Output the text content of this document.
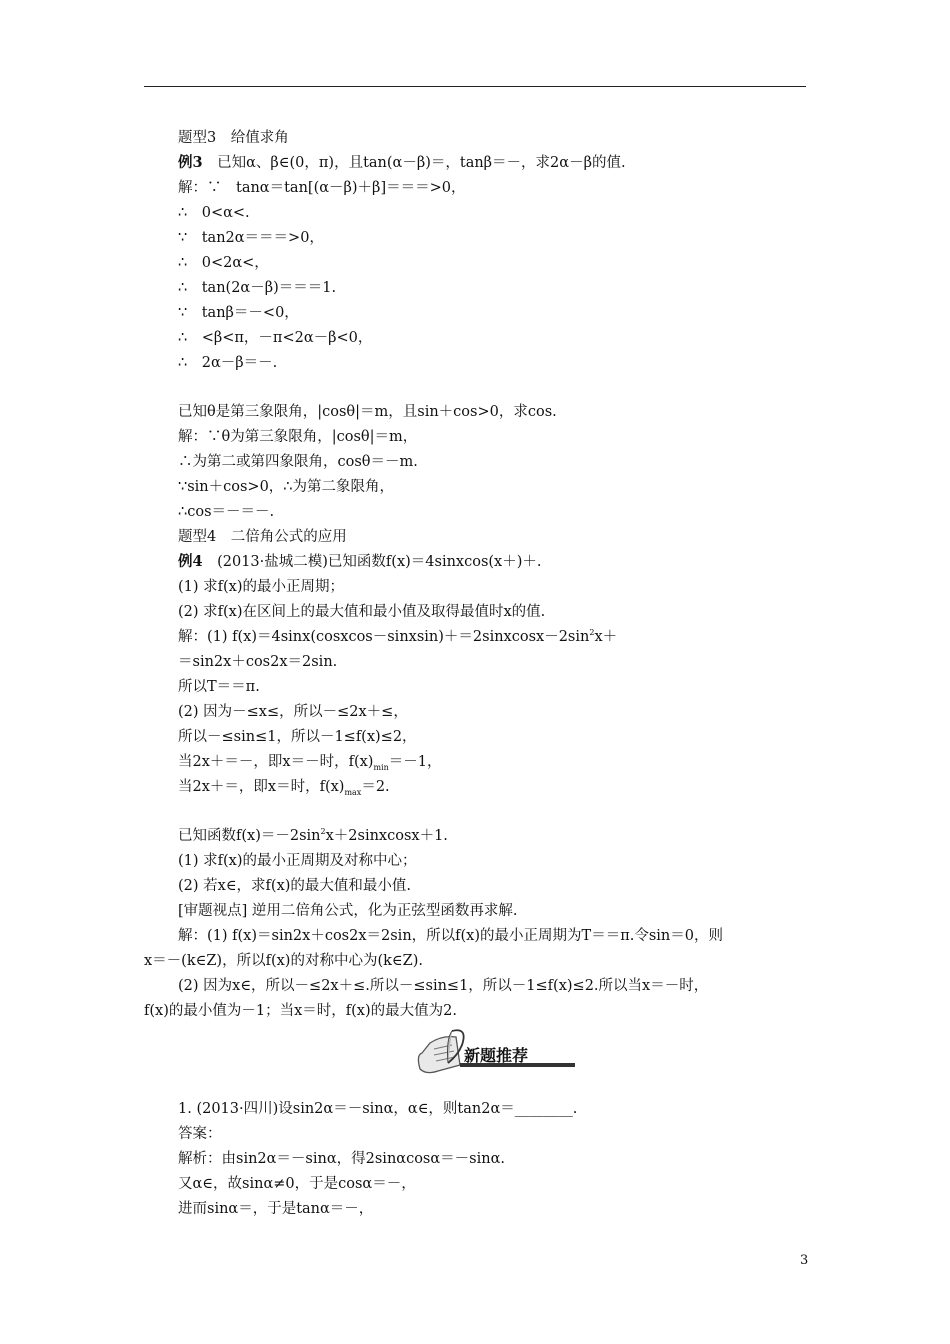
题型3　给值求角
例3　已知α、β∈(0，π)，且tan(α－β)＝，tanβ＝－，求2α－β的值.
解：∵　tanα＝tan[(α－β)＋β]＝＝＝>0，
∴　0<α<.
∵　tan2α＝＝＝>0，
∴　0<2α<，
∴　tan(2α－β)＝＝＝1.
∵　tanβ＝－<0，
∴　<β<π，－π<2α－β<0，
∴　2α－β＝－.
已知θ是第三象限角，|cosθ|＝m，且sin＋cos>0，求cos.
解：∵θ为第三象限角，|cosθ|＝m，
∴为第二或第四象限角，cosθ＝－m.
∵sin＋cos>0，∴为第二象限角，
∴cos＝－＝－.
题型4　二倍角公式的应用
例4　(2013·盐城二模)已知函数f(x)＝4sinxcos(x＋)＋.
(1) 求f(x)的最小正周期；
(2) 求f(x)在区间上的最大值和最小值及取得最值时x的值.
解：(1) $f(x)=4\sin x(cosxcos-sinxsin)+=2sinxcosx-2\sin^2x+$
＝sin2x＋cos2x＝2sin.
所以T＝＝π.
(2) 因为－≤x≤，所以－≤2x＋≤，
所以－≤sin≤1，所以－1≤f(x)≤2，
当2x＋＝－，即x＝－时，$f(x)_{min}=-1$，
当2x＋＝，即x＝时，$f(x)_{max}=2$.
已知函数$f(x)=-2\sin^2x+2sinxcosx+1$.
(1) 求f(x)的最小正周期及对称中心；
(2) 若x∈，求f(x)的最大值和最小值.
[审题视点] 逆用二倍角公式，化为正弦型函数再求解.
解：(1) f(x)＝sin2x＋cos2x＝2sin，所以f(x)的最小正周期为T＝＝π.令sin＝0，则
x＝－(k∈Z)，所以f(x)的对称中心为(k∈Z).
(2) 因为x∈，所以－≤2x＋≤.所以－≤sin≤1，所以－1≤f(x)≤2.所以当x＝－时，
f(x)的最小值为－1；当x＝时，f(x)的最大值为2.
新题推荐
1. (2013·四川)设sin2α＝－sinα，α∈，则tan2α＝________.
答案：
解析：由sin2α＝－sinα，得2sinαcosα＝－sinα.
又α∈，故sinα≠0，于是cosα＝－，
进而sinα＝，于是tanα＝－，
3
